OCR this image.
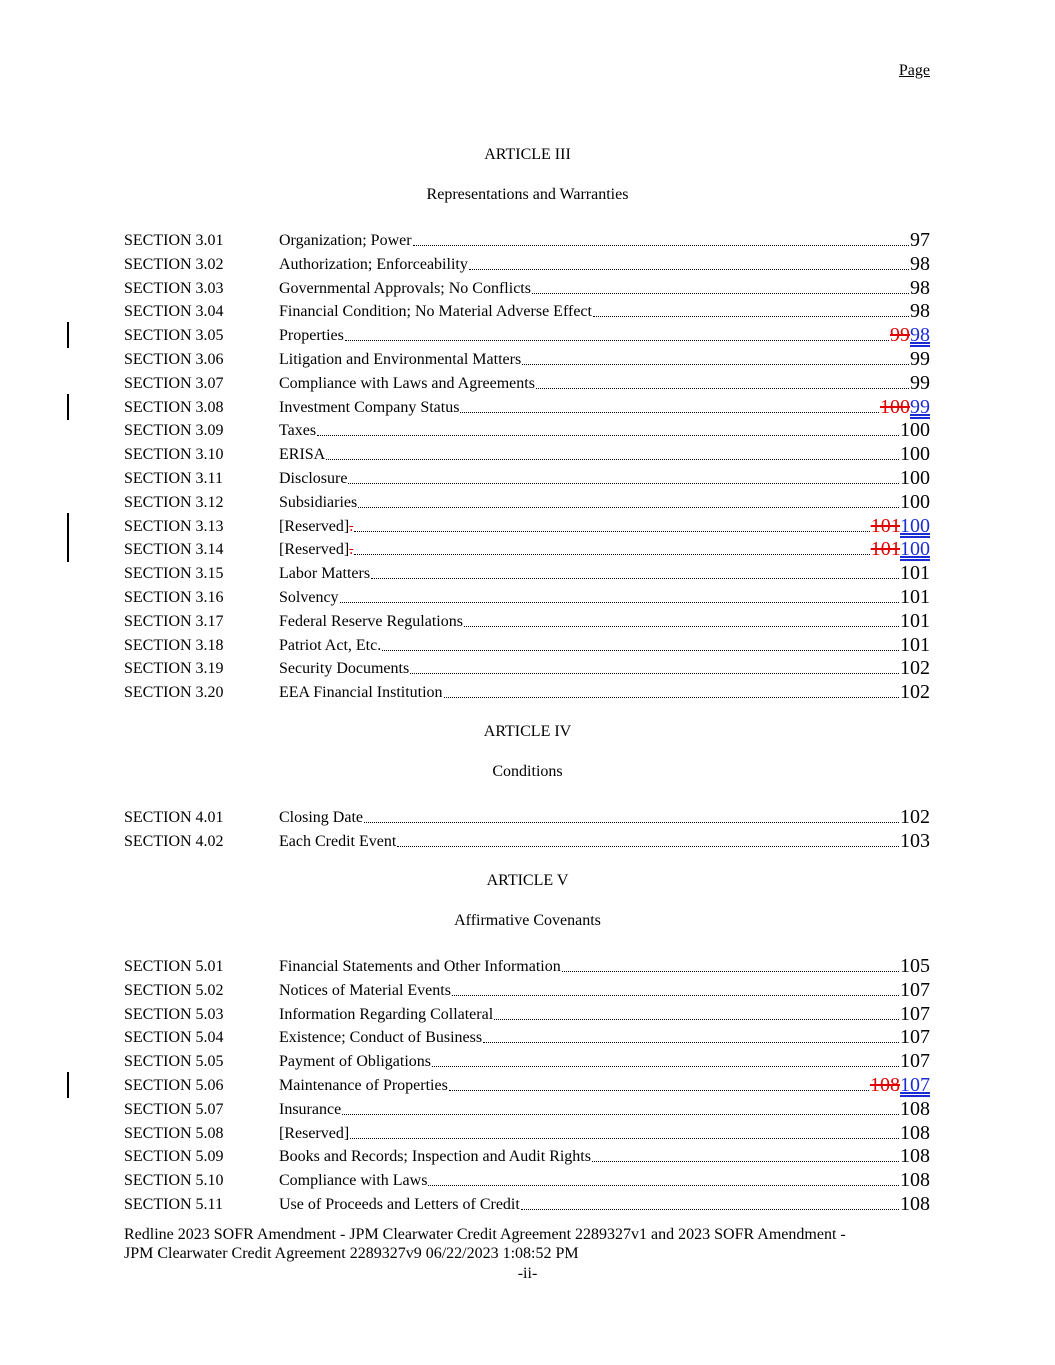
Page
ARTICLE III
Representations and Warranties
ARTICLE IV
Conditions
ARTICLE V
Affirmative Covenants
SECTION 3.01	Organization; Power	97
SECTION 3.02	Authorization; Enforceability	98
SECTION 3.03	Governmental Approvals; No Conflicts	98
SECTION 3.04	Financial Condition; No Material Adverse Effect	98
SECTION 3.05	Properties	9998
SECTION 3.06	Litigation and Environmental Matters	99
SECTION 3.07	Compliance with Laws and Agreements	99
SECTION 3.08	Investment Company Status	10099
SECTION 3.09	Taxes	100
SECTION 3.10	ERISA	100
SECTION 3.11	Disclosure	100
SECTION 3.12	Subsidiaries	100
SECTION 3.13	[Reserved].	101100
SECTION 3.14	[Reserved].	101100
SECTION 3.15	Labor Matters	101
SECTION 3.16	Solvency	101
SECTION 3.17	Federal Reserve Regulations	101
SECTION 3.18	Patriot Act, Etc.	101
SECTION 3.19	Security Documents	102
SECTION 3.20	EEA Financial Institution	102
SECTION 4.01	Closing Date	102
SECTION 4.02	Each Credit Event	103
SECTION 5.01	Financial Statements and Other Information	105
SECTION 5.02	Notices of Material Events	107
SECTION 5.03	Information Regarding Collateral	107
SECTION 5.04	Existence; Conduct of Business	107
SECTION 5.05	Payment of Obligations	107
SECTION 5.06	Maintenance of Properties	108107
SECTION 5.07	Insurance	108
SECTION 5.08	[Reserved]	108
SECTION 5.09	Books and Records; Inspection and Audit Rights	108
SECTION 5.10	Compliance with Laws	108
SECTION 5.11	Use of Proceeds and Letters of Credit	108
Redline 2023 SOFR Amendment - JPM Clearwater Credit Agreement 2289327v1 and 2023 SOFR Amendment -
JPM Clearwater Credit Agreement 2289327v9 06/22/2023 1:08:52 PM
-ii-
